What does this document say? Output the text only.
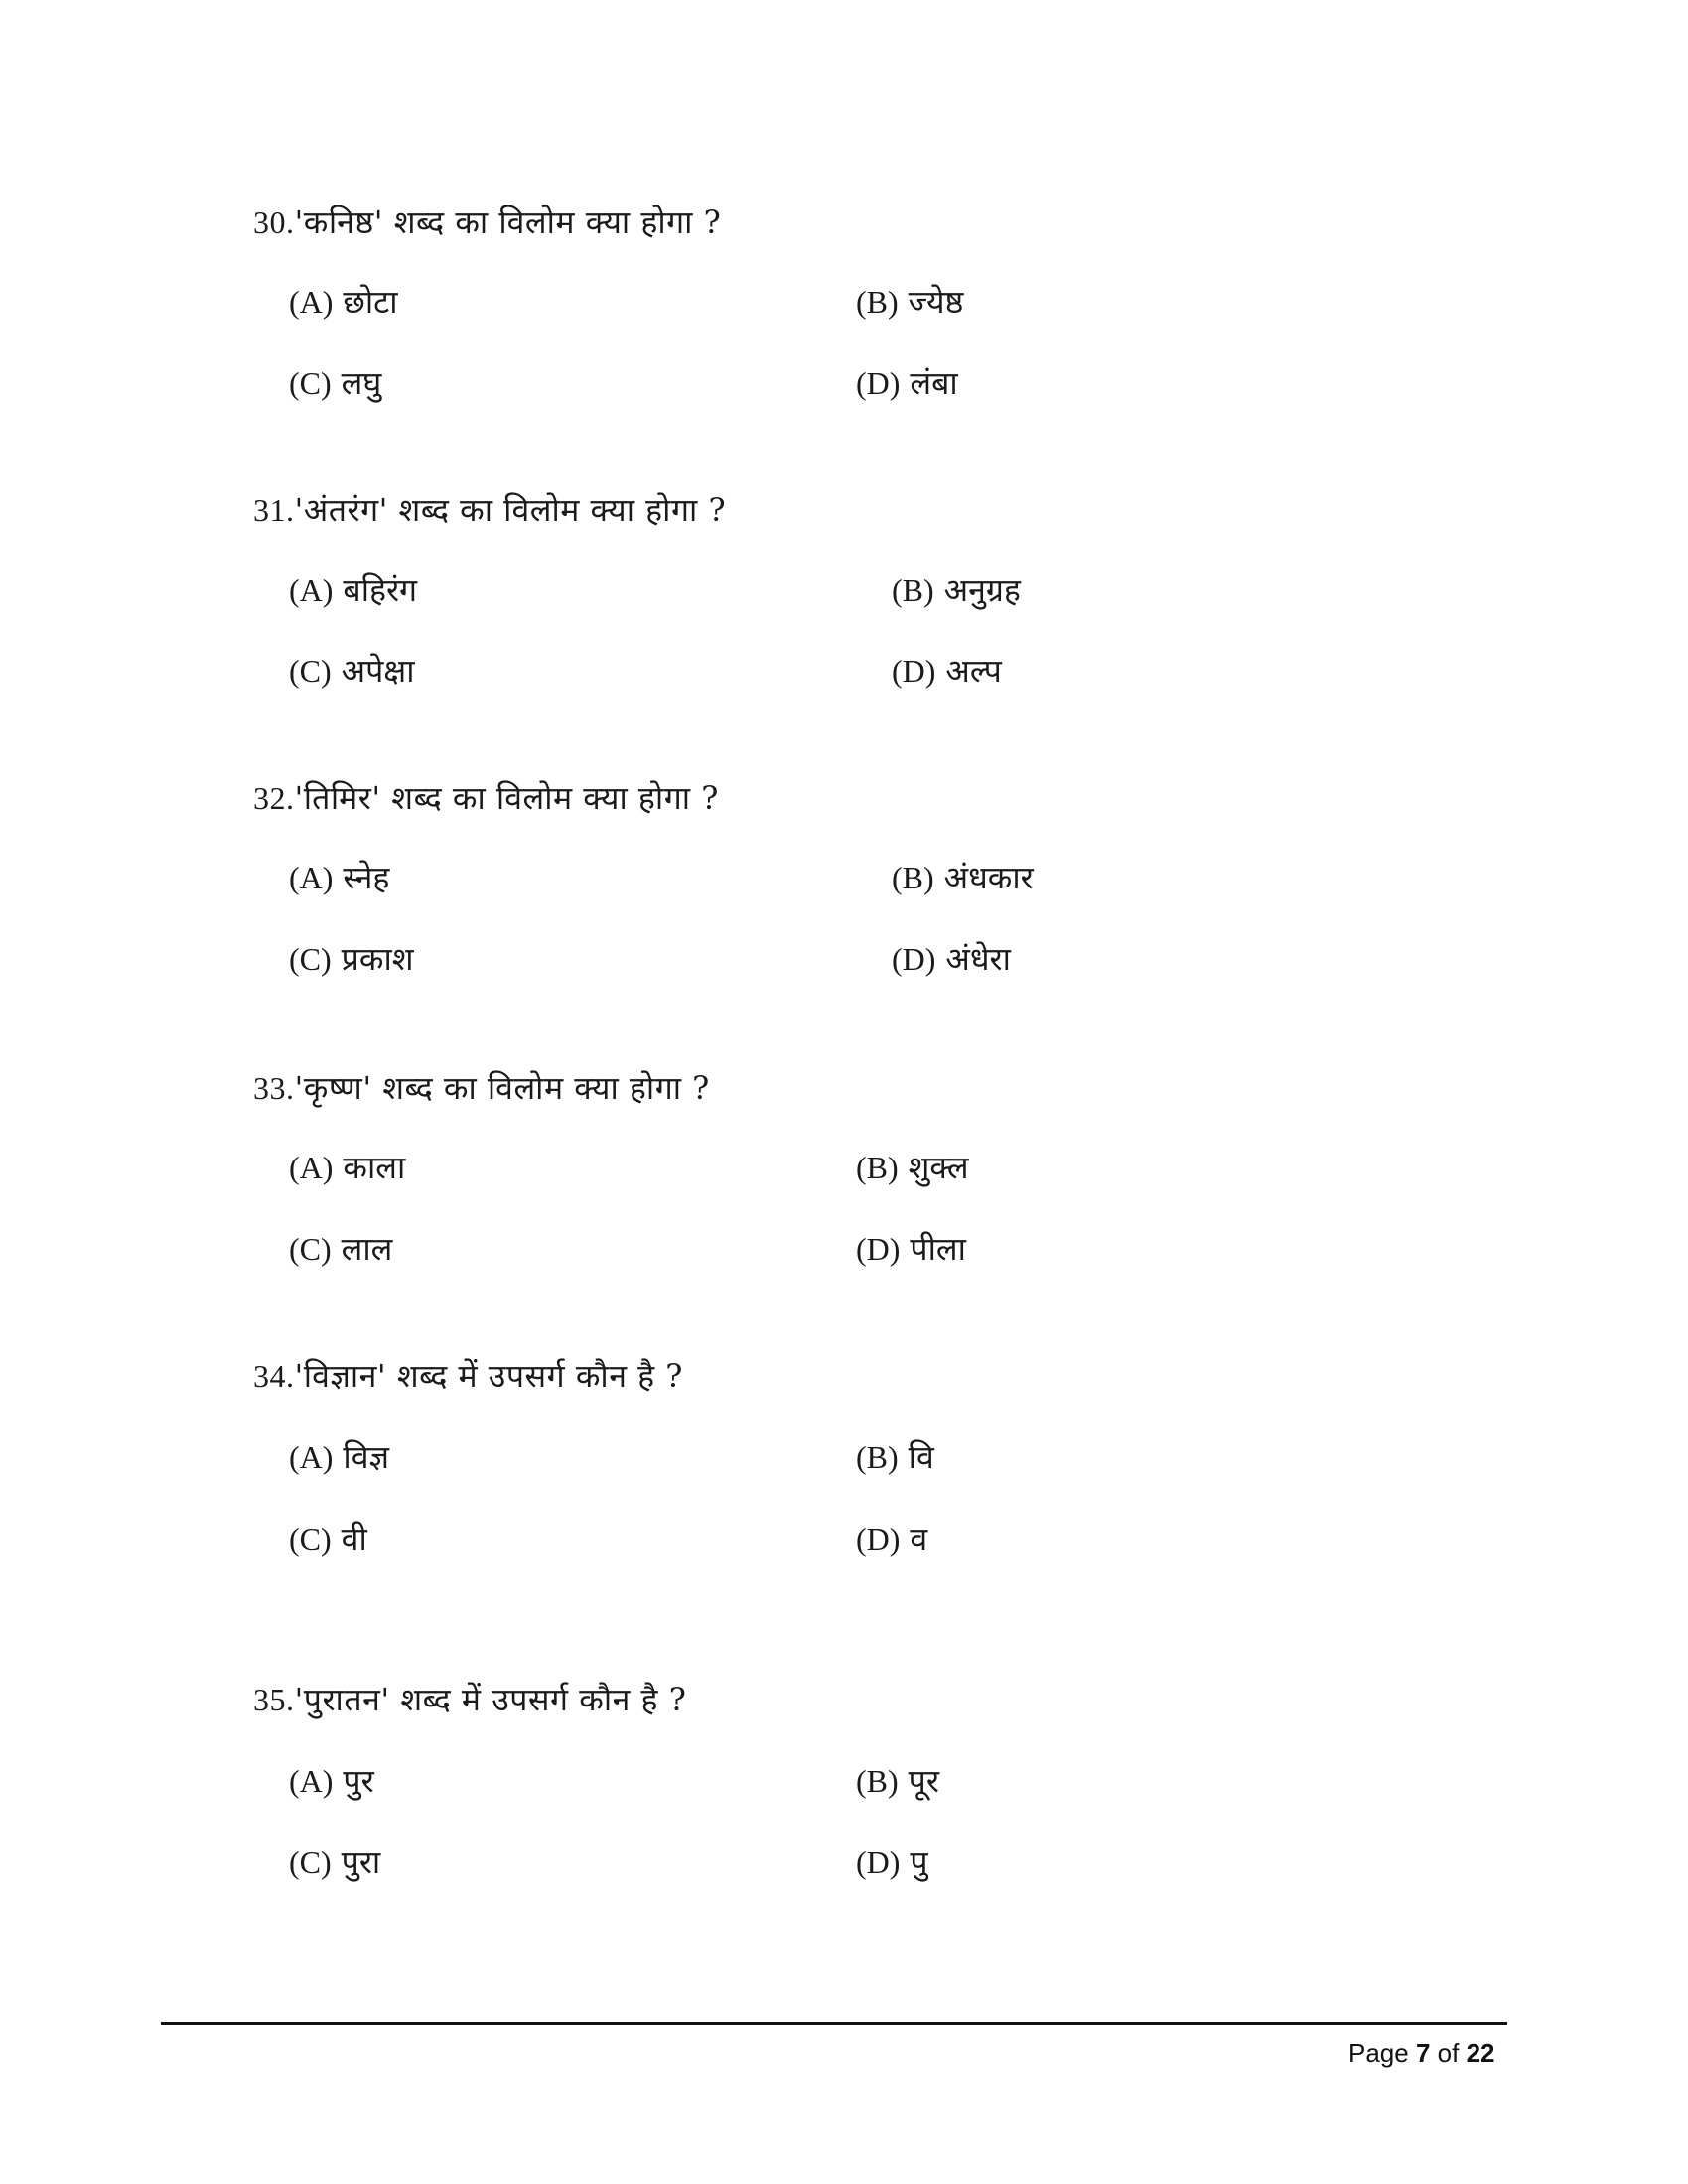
30.'कनिष्ठ' शब्द का विलोम क्या होगा ?
(A) छोटा	(B) ज्येष्ठ
(C) लघु	(D) लंबा
31.'अंतरंग' शब्द का विलोम क्या होगा ?
(A) बहिरंग	(B) अनुग्रह
(C) अपेक्षा	(D) अल्प
32.'तिमिर' शब्द का विलोम क्या होगा ?
(A) स्नेह	(B) अंधकार
(C) प्रकाश	(D) अंधेरा
33.'कृष्ण' शब्द का विलोम क्या होगा ?
(A) काला	(B) शुक्ल
(C) लाल	(D) पीला
34.'विज्ञान' शब्द में उपसर्ग कौन है ?
(A) विज्ञ	(B) वि
(C) वी	(D) व
35.'पुरातन' शब्द में उपसर्ग कौन है ?
(A) पुर	(B) पूर
(C) पुरा	(D) पु
Page 7 of 22
